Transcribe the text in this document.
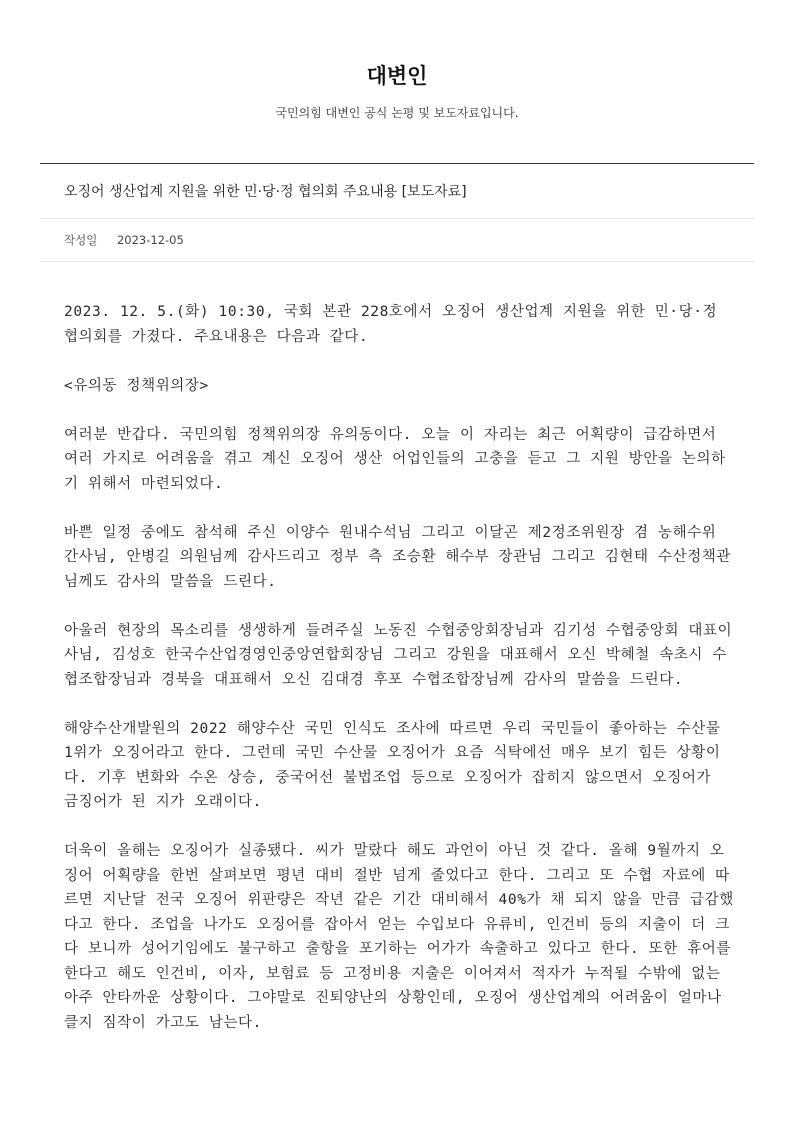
대변인

국민의힘 대변인 공식 논평 및 보도자료입니다.

오징어 생산업계 지원을 위한 민·당·정 협의회 주요내용 [보도자료]
작성일 2023-12-05

2023. 12. 5.(화) 10:30, 국회 본관 228호에서 오징어 생산업계 지원을 위한 민·당·정 협의회를 가졌다. 주요내용은 다음과 같다.

<유의동 정책위의장>

여러분 반갑다. 국민의힘 정책위의장 유의동이다. 오늘 이 자리는 최근 어획량이 급감하면서 여러 가지로 어려움을 겪고 계신 오징어 생산 어업인들의 고충을 듣고 그 지원 방안을 논의하기 위해서 마련되었다.

바쁜 일정 중에도 참석해 주신 이양수 원내수석님 그리고 이달곤 제2정조위원장 겸 농해수위 간사님, 안병길 의원님께 감사드리고 정부 측 조승환 해수부 장관님 그리고 김현태 수산정책관님께도 감사의 말씀을 드린다.

아울러 현장의 목소리를 생생하게 들려주실 노동진 수협중앙회장님과 김기성 수협중앙회 대표이사님, 김성호 한국수산업경영인중앙연합회장님 그리고 강원을 대표해서 오신 박혜철 속초시 수협조합장님과 경북을 대표해서 오신 김대경 후포 수협조합장님께 감사의 말씀을 드린다.

해양수산개발원의 2022 해양수산 국민 인식도 조사에 따르면 우리 국민들이 좋아하는 수산물 1위가 오징어라고 한다. 그런데 국민 수산물 오징어가 요즘 식탁에선 매우 보기 힘든 상황이다. 기후 변화와 수온 상승, 중국어선 불법조업 등으로 오징어가 잡히지 않으면서 오징어가 금징어가 된 지가 오래이다.

더욱이 올해는 오징어가 실종됐다. 씨가 말랐다 해도 과언이 아닌 것 같다. 올해 9월까지 오징어 어획량을 한번 살펴보면 평년 대비 절반 넘게 줄었다고 한다. 그리고 또 수협 자료에 따르면 지난달 전국 오징어 위판량은 작년 같은 기간 대비해서 40%가 채 되지 않을 만큼 급감했다고 한다. 조업을 나가도 오징어를 잡아서 얻는 수입보다 유류비, 인건비 등의 지출이 더 크다 보니까 성어기임에도 불구하고 출항을 포기하는 어가가 속출하고 있다고 한다. 또한 휴어를 한다고 해도 인건비, 이자, 보험료 등 고정비용 지출은 이어져서 적자가 누적될 수밖에 없는 아주 안타까운 상황이다. 그야말로 진퇴양난의 상황인데, 오징어 생산업계의 어려움이 얼마나 클지 짐작이 가고도 남는다.
